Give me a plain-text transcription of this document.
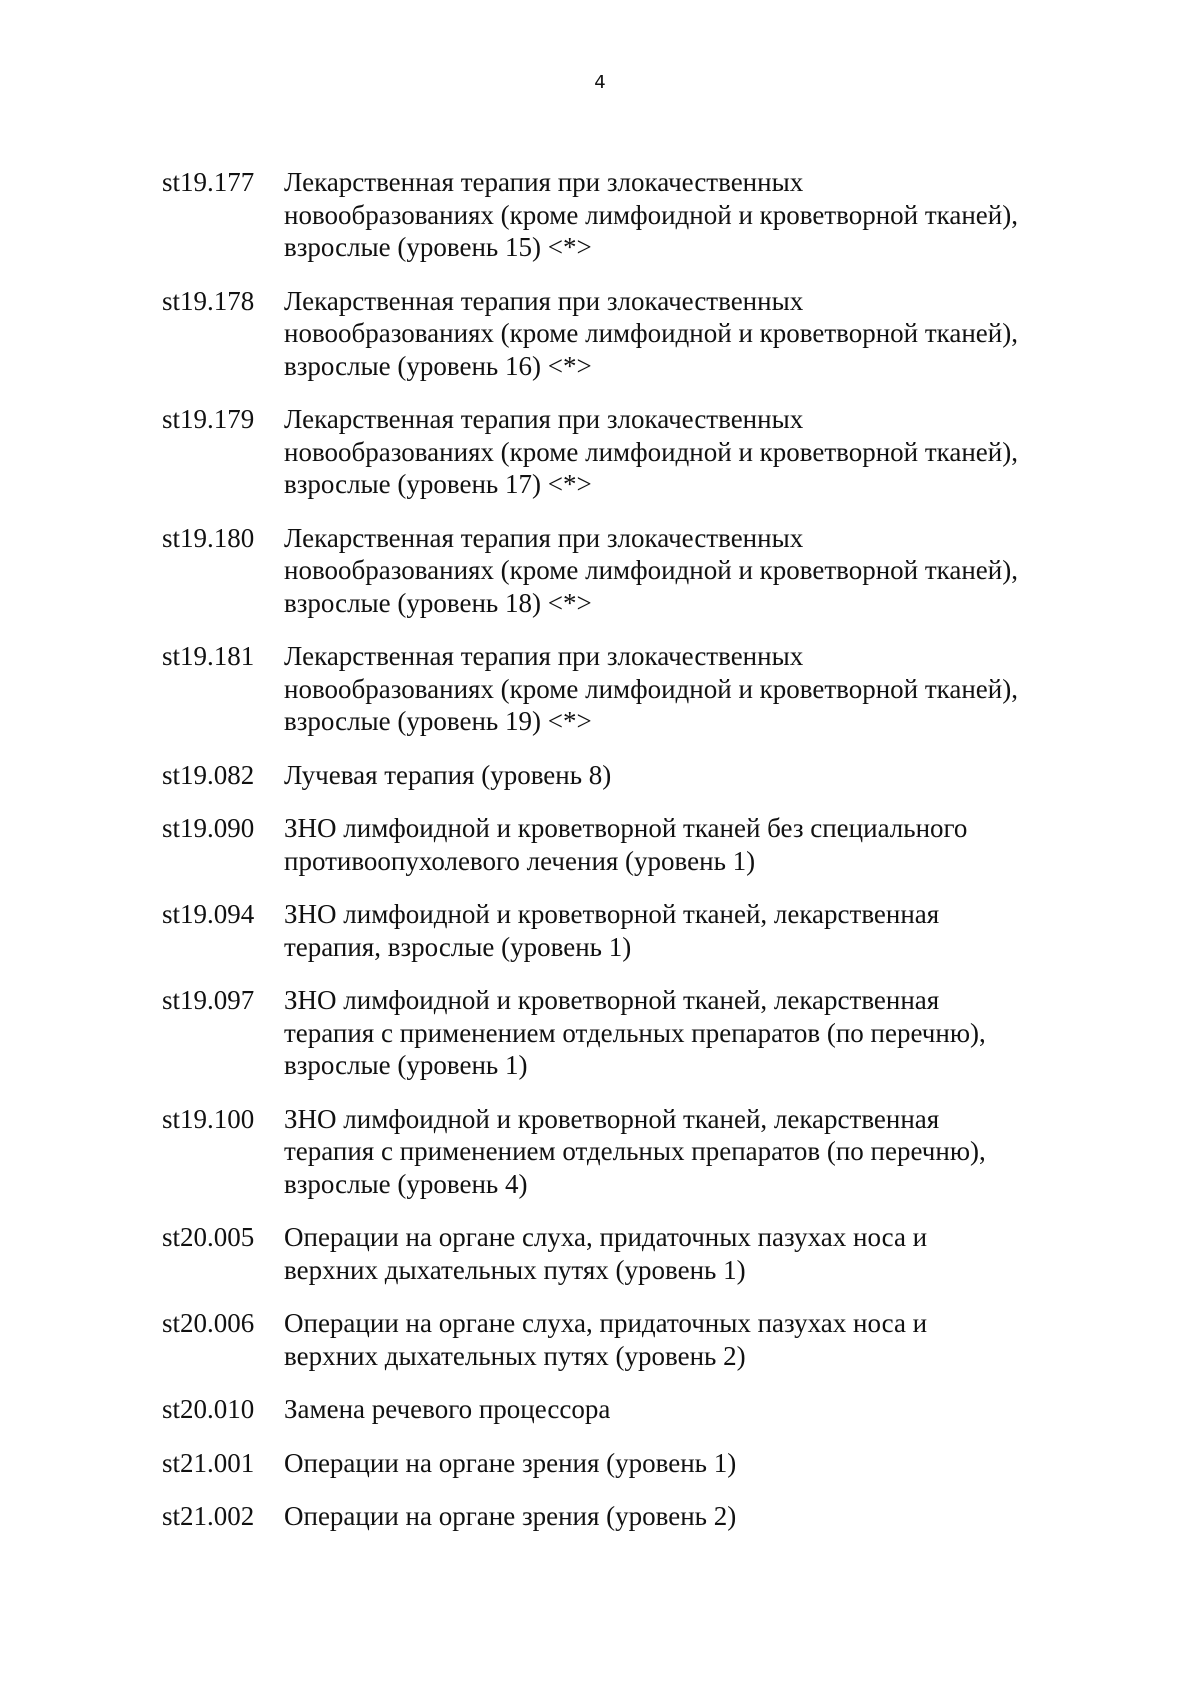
4
st19.177	Лекарственная терапия при злокачественных
новообразованиях (кроме лимфоидной и кроветворной тканей),
взрослые (уровень 15) <*>
st19.178	Лекарственная терапия при злокачественных
новообразованиях (кроме лимфоидной и кроветворной тканей),
взрослые (уровень 16) <*>
st19.179	Лекарственная терапия при злокачественных
новообразованиях (кроме лимфоидной и кроветворной тканей),
взрослые (уровень 17) <*>
st19.180	Лекарственная терапия при злокачественных
новообразованиях (кроме лимфоидной и кроветворной тканей),
взрослые (уровень 18) <*>
st19.181	Лекарственная терапия при злокачественных
новообразованиях (кроме лимфоидной и кроветворной тканей),
взрослые (уровень 19) <*>
st19.082	Лучевая терапия (уровень 8)
st19.090	ЗНО лимфоидной и кроветворной тканей без специального
противоопухолевого лечения (уровень 1)
st19.094	ЗНО лимфоидной и кроветворной тканей, лекарственная
терапия, взрослые (уровень 1)
st19.097	ЗНО лимфоидной и кроветворной тканей, лекарственная
терапия с применением отдельных препаратов (по перечню),
взрослые (уровень 1)
st19.100	ЗНО лимфоидной и кроветворной тканей, лекарственная
терапия с применением отдельных препаратов (по перечню),
взрослые (уровень 4)
st20.005	Операции на органе слуха, придаточных пазухах носа и
верхних дыхательных путях (уровень 1)
st20.006	Операции на органе слуха, придаточных пазухах носа и
верхних дыхательных путях (уровень 2)
st20.010	Замена речевого процессора
st21.001	Операции на органе зрения (уровень 1)
st21.002	Операции на органе зрения (уровень 2)
